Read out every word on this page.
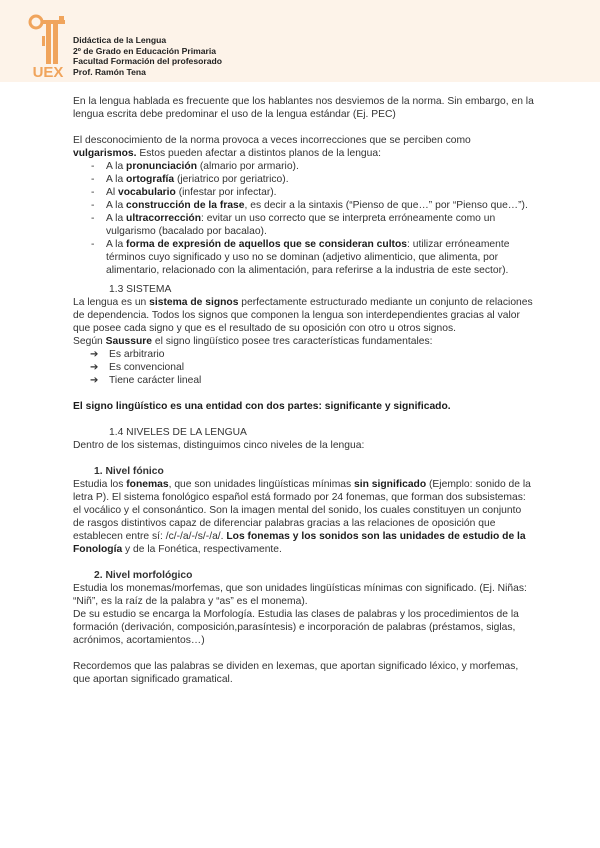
UEX
Didáctica de la Lengua
2º de Grado en Educación Primaria
Facultad Formación del profesorado
Prof. Ramón Tena

En la lengua hablada es frecuente que los hablantes nos desviemos de la norma. Sin embargo, en la lengua escrita debe predominar el uso de la lengua estándar (Ej. PEC)

El desconocimiento de la norma provoca a veces incorrecciones que se perciben como vulgarismos. Estos pueden afectar a distintos planos de la lengua:

- A la pronunciación (almario por armario).
- A la ortografía (jeriatrico por geriatrico).
- Al vocabulario (infestar por infectar).
- A la construcción de la frase, es decir a la sintaxis (“Pienso de que…” por “Pienso que…”).
- A la ultracorrección: evitar un uso correcto que se interpreta erróneamente como un vulgarismo (bacalado por bacalao).
- A la forma de expresión de aquellos que se consideran cultos: utilizar erróneamente términos cuyo significado y uso no se dominan (adjetivo alimenticio, que alimenta, por alimentario, relacionado con la alimentación, para referirse a la industria de este sector).

1.3 SISTEMA

La lengua es un sistema de signos perfectamente estructurado mediante un conjunto de relaciones de dependencia. Todos los signos que componen la lengua son interdependientes gracias al valor que posee cada signo y que es el resultado de su oposición con otro u otros signos.

Según Saussure el signo lingüístico posee tres características fundamentales:

➔ Es arbitrario
➔ Es convencional
➔ Tiene carácter lineal

El signo lingüístico es una entidad con dos partes: significante y significado.

1.4 NIVELES DE LA LENGUA

Dentro de los sistemas, distinguimos cinco niveles de la lengua:

1. Nivel fónico

Estudia los fonemas, que son unidades lingüísticas mínimas sin significado (Ejemplo: sonido de la letra P). El sistema fonológico español está formado por 24 fonemas, que forman dos subsistemas: el vocálico y el consonántico. Son la imagen mental del sonido, los cuales constituyen un conjunto de rasgos distintivos capaz de diferenciar palabras gracias a las relaciones de oposición que establecen entre sí: /c/-/a/-/s/-/a/. Los fonemas y los sonidos son las unidades de estudio de la Fonología y de la Fonética, respectivamente.

2. Nivel morfológico

Estudia los monemas/morfemas, que son unidades lingüísticas mínimas con significado. (Ej. Niñas: “Niñ”, es la raíz de la palabra y “as” es el monema).

De su estudio se encarga la Morfología. Estudia las clases de palabras y los procedimientos de la formación (derivación, composición,parasíntesis) e incorporación de palabras (préstamos, siglas, acrónimos, acortamientos…)

Recordemos que las palabras se dividen en lexemas, que aportan significado léxico, y morfemas, que aportan significado gramatical.
